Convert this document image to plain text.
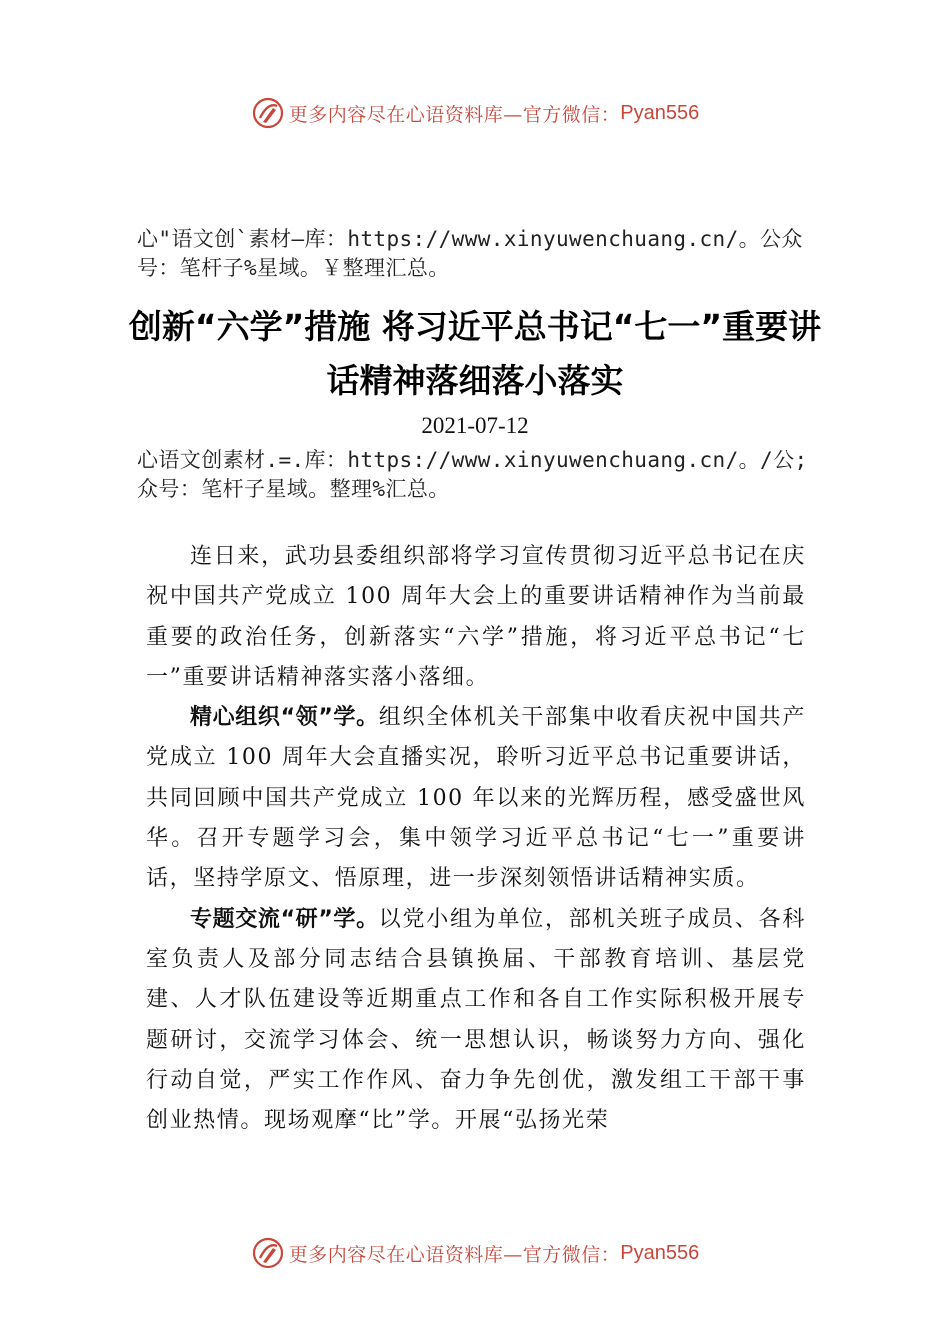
更多内容尽在心语资料库—官方微信： Pyan556

心"语文创`素材—库：https://www.xinyuwenchuang.cn/。公众号：笔杆子%星域。￥整理汇总。

创新“六学”措施 将习近平总书记“七一”重要讲话精神落细落小落实
2021-07-12

心语文创素材.=.库：https://www.xinyuwenchuang.cn/。/公;众号：笔杆子星域。整理%汇总。

连日来，武功县委组织部将学习宣传贯彻习近平总书记在庆祝中国共产党成立 100 周年大会上的重要讲话精神作为当前最重要的政治任务，创新落实“六学”措施，将习近平总书记“七一”重要讲话精神落实落小落细。

精心组织“领”学。组织全体机关干部集中收看庆祝中国共产党成立 100 周年大会直播实况，聆听习近平总书记重要讲话，共同回顾中国共产党成立 100 年以来的光辉历程，感受盛世风华。召开专题学习会，集中领学习近平总书记“七一”重要讲话，坚持学原文、悟原理，进一步深刻领悟讲话精神实质。

专题交流“研”学。以党小组为单位，部机关班子成员、各科室负责人及部分同志结合县镇换届、干部教育培训、基层党建、人才队伍建设等近期重点工作和各自工作实际积极开展专题研讨，交流学习体会、统一思想认识，畅谈努力方向、强化行动自觉，严实工作作风、奋力争先创优，激发组工干部干事创业热情。现场观摩“比”学。开展“弘扬光荣

更多内容尽在心语资料库—官方微信： Pyan556
